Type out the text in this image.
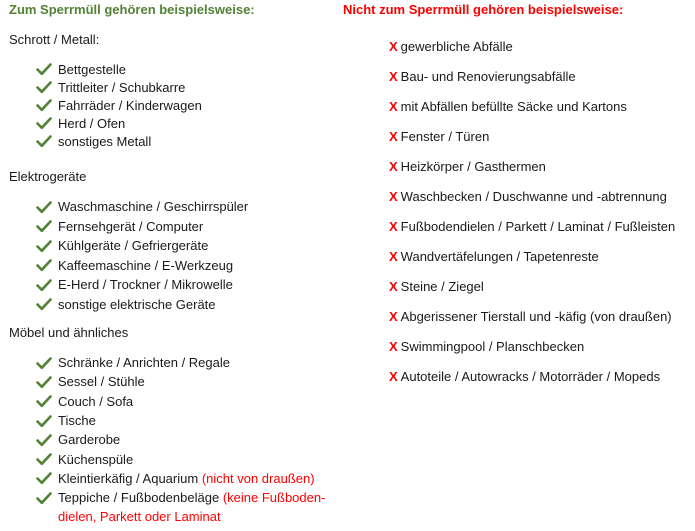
Zum Sperrmüll gehören beispielsweise:
Schrott / Metall:
Bettgestelle
Trittleiter / Schubkarre
Fahrräder / Kinderwagen
Herd / Ofen
sonstiges Metall
Elektrogeräte
Waschmaschine / Geschirrspüler
Fernsehgerät / Computer
Kühlgeräte / Gefriergeräte
Kaffeemaschine / E-Werkzeug
E-Herd / Trockner / Mikrowelle
sonstige elektrische Geräte
Möbel und ähnliches
Schränke / Anrichten / Regale
Sessel / Stühle
Couch / Sofa
Tische
Garderobe
Küchenspüle
Kleintierkäfig / Aquarium
(nicht von draußen)
Teppiche / Fußbodenbeläge
(keine Fußboden-
dielen, Parkett oder Laminat
Nicht zum Sperrmüll gehören beispielsweise:
X gewerbliche Abfälle
X Bau- und Renovierungsabfälle
X mit Abfällen befüllte Säcke und Kartons
X Fenster / Türen
X Heizkörper / Gasthermen
X Waschbecken / Duschwanne und -abtrennung
X Fußbodendielen / Parkett / Laminat / Fußleisten
X Wandvertäfelungen / Tapetenreste
X Steine / Ziegel
X Abgerissener Tierstall und -käfig (von draußen)
X Swimmingpool / Planschbecken
X Autoteile / Autowracks / Motorräder / Mopeds
